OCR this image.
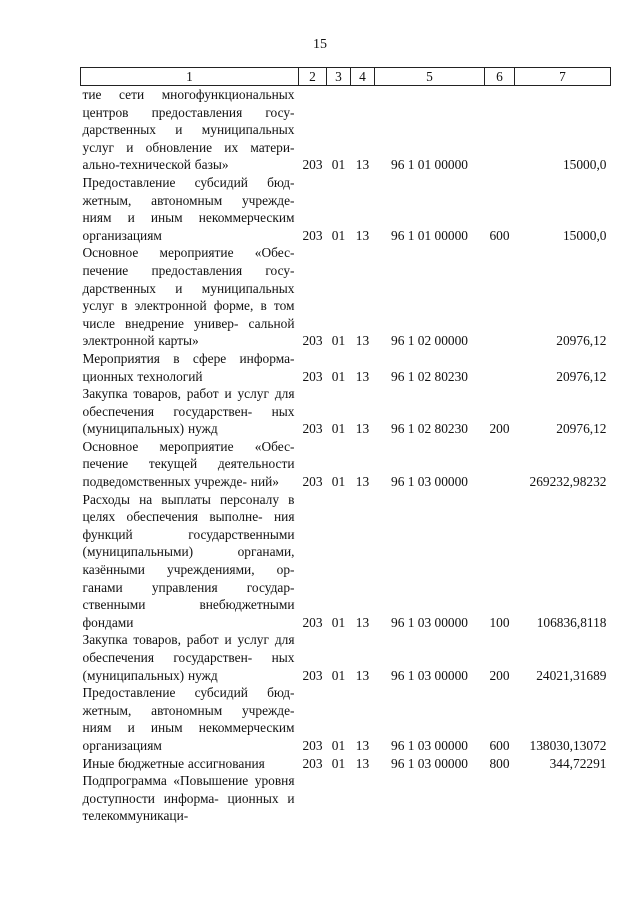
15
1	2	3	4	5	6	7
тие сети многофункциональных центров предоставления госу- дарственных и муниципальных услуг и обновление их матери- ально-технической базы»	203	01	13	96 1 01 00000		15000,0
Предоставление субсидий бюд- жетным, автономным учрежде- ниям и иным некоммерческим организациям	203	01	13	96 1 01 00000	600	15000,0
Основное мероприятие «Обес- печение предоставления госу- дарственных и муниципальных услуг в электронной форме, в том числе внедрение универ- сальной электронной карты»	203	01	13	96 1 02 00000		20976,12
Мероприятия в сфере информа- ционных технологий	203	01	13	96 1 02 80230		20976,12
Закупка товаров, работ и услуг для обеспечения государствен- ных (муниципальных) нужд	203	01	13	96 1 02 80230	200	20976,12
Основное мероприятие «Обес- печение текущей деятельности подведомственных учрежде- ний»	203	01	13	96 1 03 00000		269232,98232
Расходы на выплаты персоналу в целях обеспечения выполне- ния функций государственными (муниципальными) органами, казёнными учреждениями, ор- ганами управления государ- ственными внебюджетными фондами	203	01	13	96 1 03 00000	100	106836,8118
Закупка товаров, работ и услуг для обеспечения государствен- ных (муниципальных) нужд	203	01	13	96 1 03 00000	200	24021,31689
Предоставление субсидий бюд- жетным, автономным учрежде- ниям и иным некоммерческим организациям	203	01	13	96 1 03 00000	600	138030,13072
Иные бюджетные ассигнования	203	01	13	96 1 03 00000	800	344,72291
Подпрограмма «Повышение уровня доступности информа- ционных и телекоммуникаци-						
